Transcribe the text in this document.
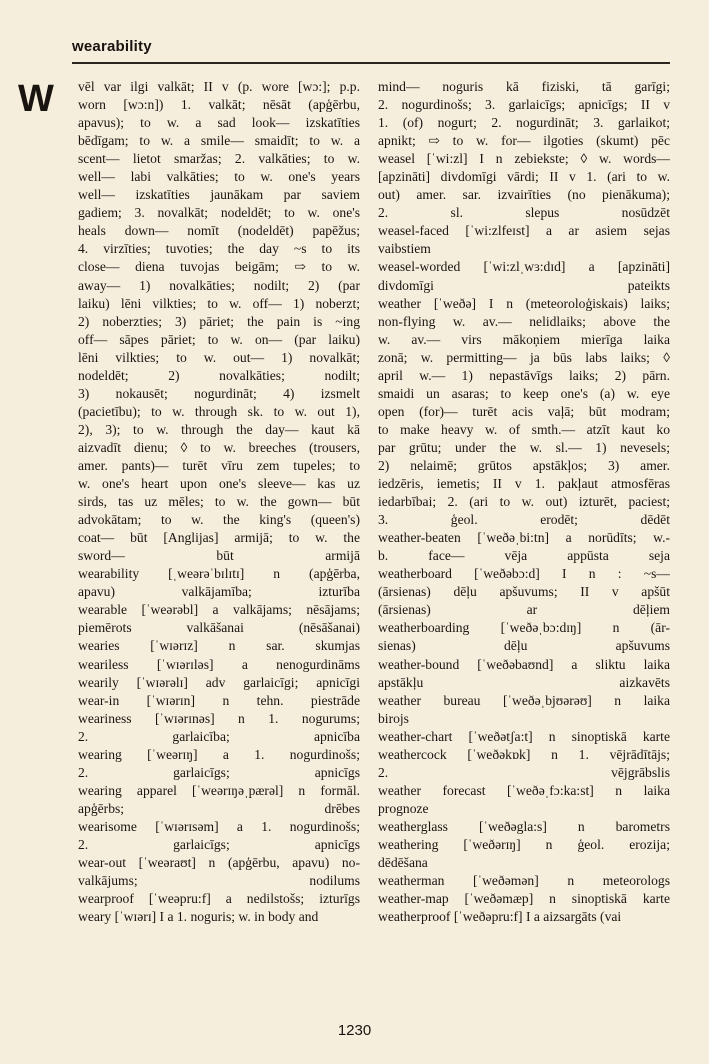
wearability
W vēl var ilgi valkāt; II v (p. wore [wɔ:]; p.p.
worn [wɔ:n]) 1. valkāt; nēsāt (apģērbu,
apavus); to w. a sad look— izskatīties
bēdīgam; to w. a smile— smaidīt; to w. a
scent— lietot smaržas; 2. valkāties; to w.
well— labi valkāties; to w. one's years
well— izskatīties jaunākam par saviem
gadiem; 3. novalkāt; nodeldēt; to w. one's
heals down— nomīt (nodeldēt) papēžus;
4. virzīties; tuvoties; the day ~s to its
close— diena tuvojas beigām; ⇨ to w.
away— 1) novalkāties; nodilt; 2) (par
laiku) lēni vilkties; to w. off— 1) noberzt;
2) noberzties; 3) pāriet; the pain is ~ing
off— sāpes pāriet; to w. on— (par laiku)
lēni vilkties; to w. out— 1) novalkāt;
nodeldēt; 2) novalkāties; nodilt;
3) nokausēt; nogurdināt; 4) izsmelt
(pacietību); to w. through sk. to w. out 1),
2), 3); to w. through the day— kaut kā
aizvadīt dienu; ◊ to w. breeches (trousers,
amer. pants)— turēt vīru zem tupeles; to
w. one's heart upon one's sleeve— kas uz
sirds, tas uz mēles; to w. the gown— būt
advokātam; to w. the king's (queen's)
coat— būt [Anglijas] armijā; to w. the
sword— būt armijā
wearability [ˌweərəˈbɪlɪtɪ] n (apģērba,
apavu) valkājamība; izturība
wearable [ˈweərəbl] a valkājams; nēsājams;
piemērots valkāšanai (nēsāšanai)
wearies [ˈwɪərɪz] n sar. skumjas
weariless [ˈwɪərɪləs] a nenogurdināms
wearily [ˈwɪərəlɪ] adv garlaicīgi; apnicīgi
wear-in [ˈwɪərɪn] n tehn. piestrāde
weariness [ˈwɪərɪnəs] n 1. nogurums;
2. garlaicība; apnicība
wearing [ˈweərɪŋ] a 1. nogurdinošs;
2. garlaicīgs; apnicīgs
wearing apparel [ˈweərɪŋəˌpærəl] n formāl.
apģērbs; drēbes
wearisome [ˈwɪərɪsəm] a 1. nogurdinošs;
2. garlaicīgs; apnicīgs
wear-out [ˈweəraʊt] n (apģērbu, apavu) no-
valkājums; nodilums
wearproof [ˈweəpru:f] a nedilstošs; izturīgs
weary [ˈwɪərɪ] I a 1. noguris; w. in body and
mind— noguris kā fiziski, tā garīgi;
2. nogurdinošs; 3. garlaicīgs; apnicīgs; II v
1. (of) nogurt; 2. nogurdināt; 3. garlaikot;
apnikt; ⇨ to w. for— ilgoties (skumt) pēc
weasel [ˈwi:zl] I n zebiekste; ◊ w. words—
[apzināti] divdomīgi vārdi; II v 1. (ari to w.
out) amer. sar. izvairīties (no pienākuma);
2. sl. slepus nosūdzēt
weasel-faced [ˈwi:zlfeɪst] a ar asiem sejas
vaibstiem
weasel-worded [ˈwi:zlˌwɜ:dɪd] a [apzināti]
divdomīgi pateikts
weather [ˈweðə] I n (meteoroloģiskais) laiks;
non-flying w. av.— nelidlaiks; above the
w. av.— virs mākoņiem mierīga laika
zonā; w. permitting— ja būs labs laiks; ◊
april w.— 1) nepastāvīgs laiks; 2) pārn.
smaidi un asaras; to keep one's (a) w. eye
open (for)— turēt acis vaļā; būt modram;
to make heavy w. of smth.— atzīt kaut ko
par grūtu; under the w. sl.— 1) nevesels;
2) nelaimē; grūtos apstākļos; 3) amer.
iedzēris, iemetis; II v 1. pakļaut atmosfēras
iedarbībai; 2. (ari to w. out) izturēt, paciest;
3. ģeol. erodēt; dēdēt
weather-beaten [ˈweðəˌbi:tn] a norūdīts; w.-
b. face— vēja appūsta seja
weatherboard [ˈweðəbɔ:d] I n : ~s—
(ārsienas) dēļu apšuvums; II v apšūt
(ārsienas) ar dēļiem
weatherboarding [ˈweðəˌbɔ:dɪŋ] n (ār-
sienas) dēļu apšuvums
weather-bound [ˈweðəbaʊnd] a sliktu laika
apstākļu aizkavēts
weather bureau [ˈweðəˌbjʊərəʊ] n laika
birojs
weather-chart [ˈweðətʃa:t] n sinoptiskā karte
weathercock [ˈweðəkɒk] n 1. vējrādītājs;
2. vējgrābslis
weather forecast [ˈweðəˌfɔ:ka:st] n laika
prognoze
weatherglass [ˈweðəgla:s] n barometrs
weathering [ˈweðərɪŋ] n ģeol. erozija;
dēdēšana
weatherman [ˈweðəmən] n meteorologs
weather-map [ˈweðəmæp] n sinoptiskā karte
weatherproof [ˈweðəpru:f] I a aizsargāts (vai
1230
